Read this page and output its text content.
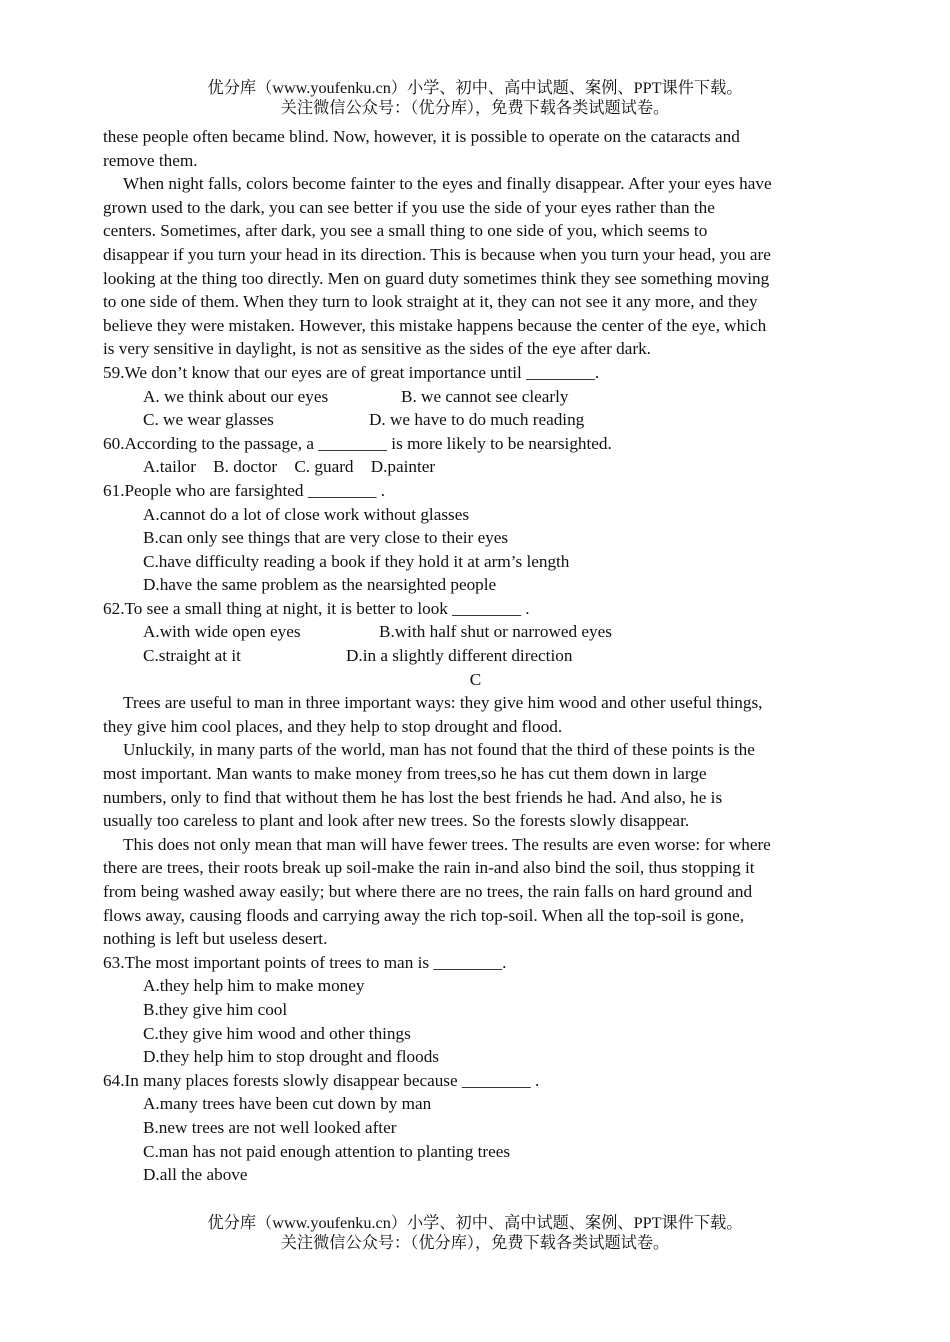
优分库（www.youfenku.cn）小学、初中、高中试题、案例、PPT课件下载。
关注微信公众号：（优分库），免费下载各类试题试卷。

these people often became blind. Now, however, it is possible to operate on the cataracts and

remove them.

When night falls, colors become fainter to the eyes and finally disappear. After your eyes have

grown used to the dark, you can see better if you use the side of your eyes rather than the

centers. Sometimes, after dark, you see a small thing to one side of you, which seems to

disappear if you turn your head in its direction. This is because when you turn your head, you are

looking at the thing too directly. Men on guard duty sometimes think they see something moving

to one side of them. When they turn to look straight at it, they can not see it any more, and they

believe they were mistaken. However, this mistake happens because the center of the eye, which

is very sensitive in daylight, is not as sensitive as the sides of the eye after dark.

59.We don’t know that our eyes are of great importance until ________.

A. we think about our eyes	B. we cannot see clearly

C. we wear glasses	D. we have to do much reading

60.According to the passage, a ________ is more likely to be nearsighted.

A.tailor    B. doctor    C. guard    D.painter

61.People who are farsighted ________ .

A.cannot do a lot of close work without glasses

B.can only see things that are very close to their eyes

C.have difficulty reading a book if they hold it at arm’s length

D.have the same problem as the nearsighted people

62.To see a small thing at night, it is better to look ________ .

A.with wide open eyes	B.with half shut or narrowed eyes

C.straight at it	D.in a slightly different direction

C

Trees are useful to man in three important ways: they give him wood and other useful things,

they give him cool places, and they help to stop drought and flood.

Unluckily, in many parts of the world, man has not found that the third of these points is the

most important. Man wants to make money from trees,so he has cut them down in large

numbers, only to find that without them he has lost the best friends he had. And also, he is

usually too careless to plant and look after new trees. So the forests slowly disappear.

This does not only mean that man will have fewer trees. The results are even worse: for where

there are trees, their roots break up soil-make the rain in-and also bind the soil, thus stopping it

from being washed away easily; but where there are no trees, the rain falls on hard ground and

flows away, causing floods and carrying away the rich top-soil. When all the top-soil is gone,

nothing is left but useless desert.

63.The most important points of trees to man is ________.

A.they help him to make money

B.they give him cool

C.they give him wood and other things

D.they help him to stop drought and floods

64.In many places forests slowly disappear because ________ .

A.many trees have been cut down by man

B.new trees are not well looked after

C.man has not paid enough attention to planting trees

D.all the above

优分库（www.youfenku.cn）小学、初中、高中试题、案例、PPT课件下载。
关注微信公众号：（优分库），免费下载各类试题试卷。
